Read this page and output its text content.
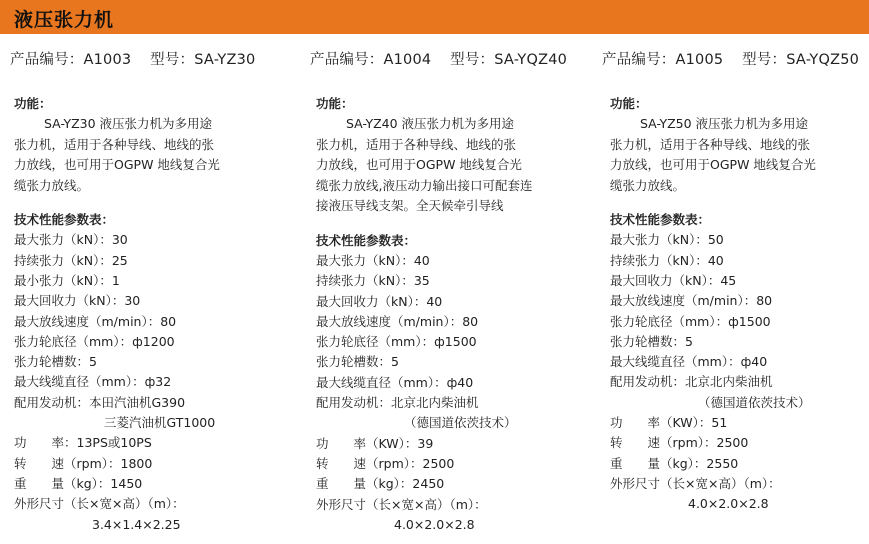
液压张力机
产品编号：A1003 型号：SA-YZ30
功能：

SA-YZ30 液压张力机为多用途

张力机，适用于各种导线、地线的张

力放线，也可用于OGPW 地线复合光

缆张力放线。

技术性能参数表：
最大张力（kN）：30
持续张力（kN）：25
最小张力（kN）：1
最大回收力（kN）：30
最大放线速度（m/min）：80
张力轮底径（mm）：ф1200
张力轮槽数：5
最大线缆直径（mm）：ф32
配用发动机：本田汽油机G390
三菱汽油机GT1000
功　　率：13PS或10PS
转　　速（rpm）：1800
重　　量（kg）：1450
外形尺寸（长×宽×高）（m）：
3.4×1.4×2.25
产品编号：A1004 型号：SA-YQZ40
功能：

SA-YZ40 液压张力机为多用途

张力机，适用于各种导线、地线的张

力放线，也可用于OGPW 地线复合光

缆张力放线,液压动力输出接口可配套连

接液压导线支架。全天候牵引导线

技术性能参数表：
最大张力（kN）：40
持续张力（kN）：35
最大回收力（kN）：40
最大放线速度（m/min）：80
张力轮底径（mm）：ф1500
张力轮槽数：5
最大线缆直径（mm）：ф40
配用发动机：北京北内柴油机
（德国道依茨技术）
功　　率（KW）：39
转　　速（rpm）：2500
重　　量（kg）：2450
外形尺寸（长×宽×高）（m）：
4.0×2.0×2.8
产品编号：A1005 型号：SA-YQZ50
功能：

SA-YZ50 液压张力机为多用途

张力机，适用于各种导线、地线的张

力放线，也可用于OGPW 地线复合光

缆张力放线。

技术性能参数表：
最大张力（kN）：50
持续张力（kN）：40
最大回收力（kN）：45
最大放线速度（m/min）：80
张力轮底径（mm）：ф1500
张力轮槽数：5
最大线缆直径（mm）：ф40
配用发动机：北京北内柴油机
（德国道依茨技术）
功　　率（KW）：51
转　　速（rpm）：2500
重　　量（kg）：2550
外形尺寸（长×宽×高）（m）：
4.0×2.0×2.8
